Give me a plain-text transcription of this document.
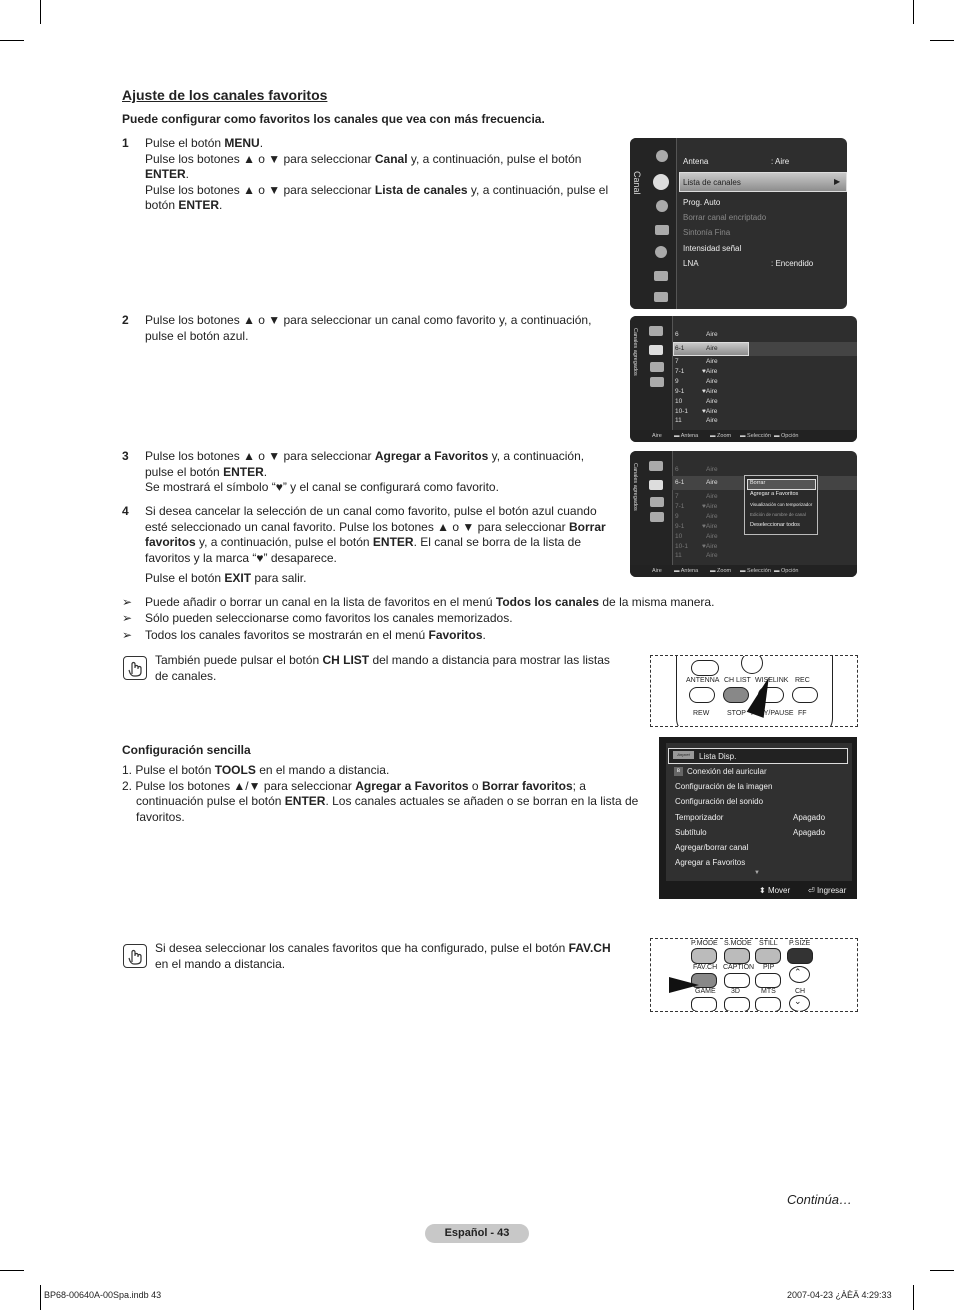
Ajuste de los canales favoritos
Puede configurar como favoritos los canales que vea con más frecuencia.
1 Pulse el botón MENU.
Pulse los botones ▲ o ▼ para seleccionar Canal y, a continuación, pulse el botón
ENTER.
Pulse los botones ▲ o ▼ para seleccionar Lista de canales y, a continuación, pulse el
botón ENTER.
Canal
Antena	: Aire
Lista de canales	▶
Prog. Auto
Borrar canal encriptado
Sintonía Fina
Intensidad señal
LNA	: Encendido
2 Pulse los botones ▲ o ▼ para seleccionar un canal como favorito y, a continuación,
pulse el botón azul.	Canales agregados	6	Aire
6-1	Aire
7	Aire
7-1	♥Aire
9	Aire
9-1	♥Aire
10	Aire
10-1 ♥Aire
11	Aire
Aire ▬ Antena ▬ Zoom ▬ Selección ▬ Opción
3 Pulse los botones ▲ o ▼ para seleccionar Agregar a Favoritos y, a continuación,
pulse el botón ENTER.
Se mostrará el símbolo “♥” y el canal se configurará como favorito.
4 Si desea cancelar la selección de un canal como favorito, pulse el botón azul cuando
esté seleccionado un canal favorito. Pulse los botones ▲ o ▼ para seleccionar Borrar
favoritos y, a continuación, pulse el botón ENTER. El canal se borra de la lista de
favoritos y la marca “♥” desaparece.
Pulse el botón EXIT para salir.
Canales agregados	6	Aire
6-1	Aire
7	Aire
7-1	♥Aire
9	Aire
9-1	♥Aire
10	Aire
10-1 ♥Aire
11	Aire
Borrar
Agregar a Favoritos
Visualización con temporizador
Edición de nombre de canal
Deseleccionar todos
Aire ▬ Antena ▬ Zoom ▬ Selección ▬ Opción
➢ Puede añadir o borrar un canal en la lista de favoritos en el menú Todos los canales de la misma manera.
➢ Sólo pueden seleccionarse como favoritos los canales memorizados.
➢ Todos los canales favoritos se mostrarán en el menú Favoritos.
También puede pulsar el botón CH LIST del mando a distancia para mostrar las listas
de canales.	ANTENNA CH LIST WISELINK REC
REW	STOP PLAY/PAUSE FF
Configuración sencilla
1. Pulse el botón TOOLS en el mando a distancia.
2. Pulse los botones ▲/▼ para seleccionar Agregar a Favoritos o Borrar favoritos; a
continuación pulse el botón ENTER. Los canales actuales se añaden o se borran en la lista de
favoritos.
Anynet	Lista Disp.
ʙ Conexión del auricular
Configuración de la imagen
Configuración del sonido
Temporizador	Apagado
Subtítulo	Apagado
Agregar/borrar canal
Agregar a Favoritos
▼
⬍ Mover ⏎ Ingresar
Si desea seleccionar los canales favoritos que ha configurado, pulse el botón FAV.CH
en el mando a distancia.
P.MODE S.MODE STILL P.SIZE
FAV.CH CAPTION PIP ⌃
GAME 3D	MTS	CH
⌄
Continúa…
Español - 43
BP68-00640A-00Spa.indb 43	2007-04-23 ¿ÀÈÄ 4:29:33
